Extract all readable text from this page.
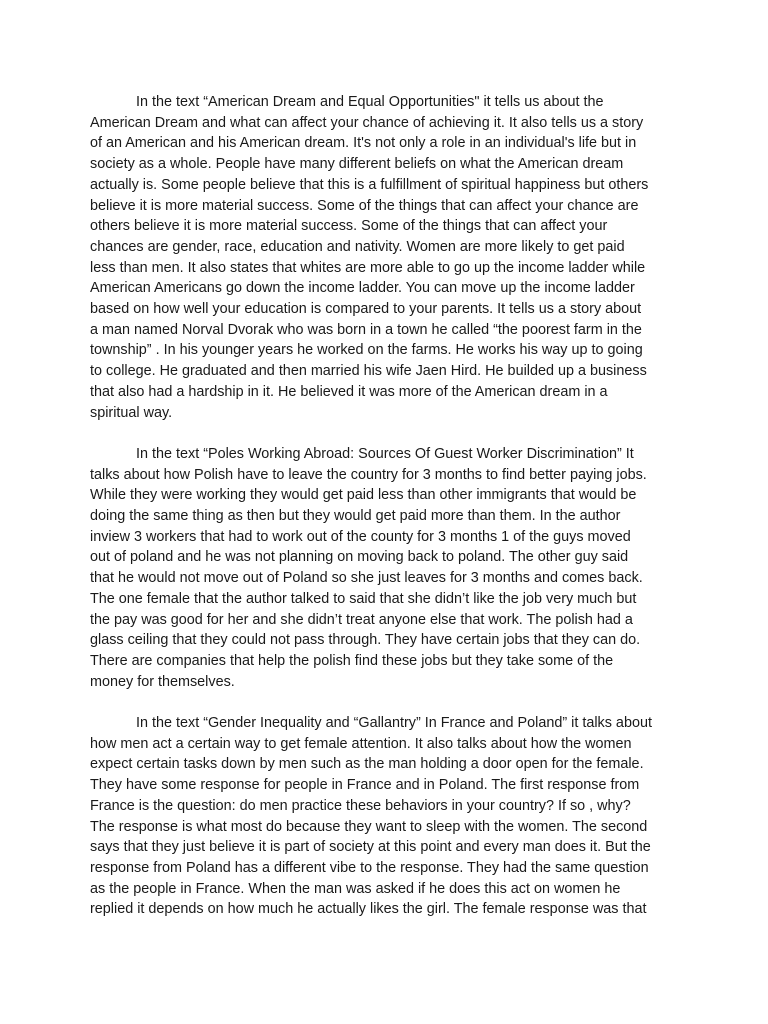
In the text “American Dream and Equal Opportunities" it tells us about the
American Dream and what can affect your chance of achieving it. It also tells us a story
of an American and his American dream. It's not only a role in an individual's life but in
society as a whole. People have many different beliefs on what the American dream
actually is. Some people believe that this is a fulfillment of spiritual happiness but others
believe it is more material success. Some of the things that can affect your chance are
others believe it is more material success. Some of the things that can affect your
chances are gender, race, education and nativity. Women are more likely to get paid
less than men. It also states that whites are more able to go up the income ladder while
American Americans go down the income ladder. You can move up the income ladder
based on how well your education is compared to your parents. It tells us a story about
a man named Norval Dvorak who was born in a town he called “the poorest farm in the
township” . In his younger years he worked on the farms. He works his way up to going
to college. He graduated and then married his wife Jaen Hird. He builded up a business
that also had a hardship in it. He believed it was more of the American dream in a
spiritual way.
In the text “Poles Working Abroad: Sources Of Guest Worker Discrimination” It
talks about how Polish have to leave the country for 3 months to find better paying jobs.
While they were working they would get paid less than other immigrants that would be
doing the same thing as then but they would get paid more than them. In the author
inview 3 workers that had to work out of the county for 3 months 1 of the guys moved
out of poland and he was not planning on moving back to poland. The other guy said
that he would not move out of Poland so she just leaves for 3 months and comes back.
The one female that the author talked to said that she didn’t like the job very much but
the pay was good for her and she didn’t treat anyone else that work. The polish had a
glass ceiling that they could not pass through. They have certain jobs that they can do.
There are companies that help the polish find these jobs but they take some of the
money for themselves.
In the text “Gender Inequality and “Gallantry” In France and Poland” it talks about
how men act a certain way to get female attention. It also talks about how the women
expect certain tasks down by men such as the man holding a door open for the female.
They have some response for people in France and in Poland. The first response from
France is the question: do men practice these behaviors in your country? If so , why?
The response is what most do because they want to sleep with the women. The second
says that they just believe it is part of society at this point and every man does it. But the
response from Poland has a different vibe to the response. They had the same question
as the people in France. When the man was asked if he does this act on women he
replied it depends on how much he actually likes the girl. The female response was that
